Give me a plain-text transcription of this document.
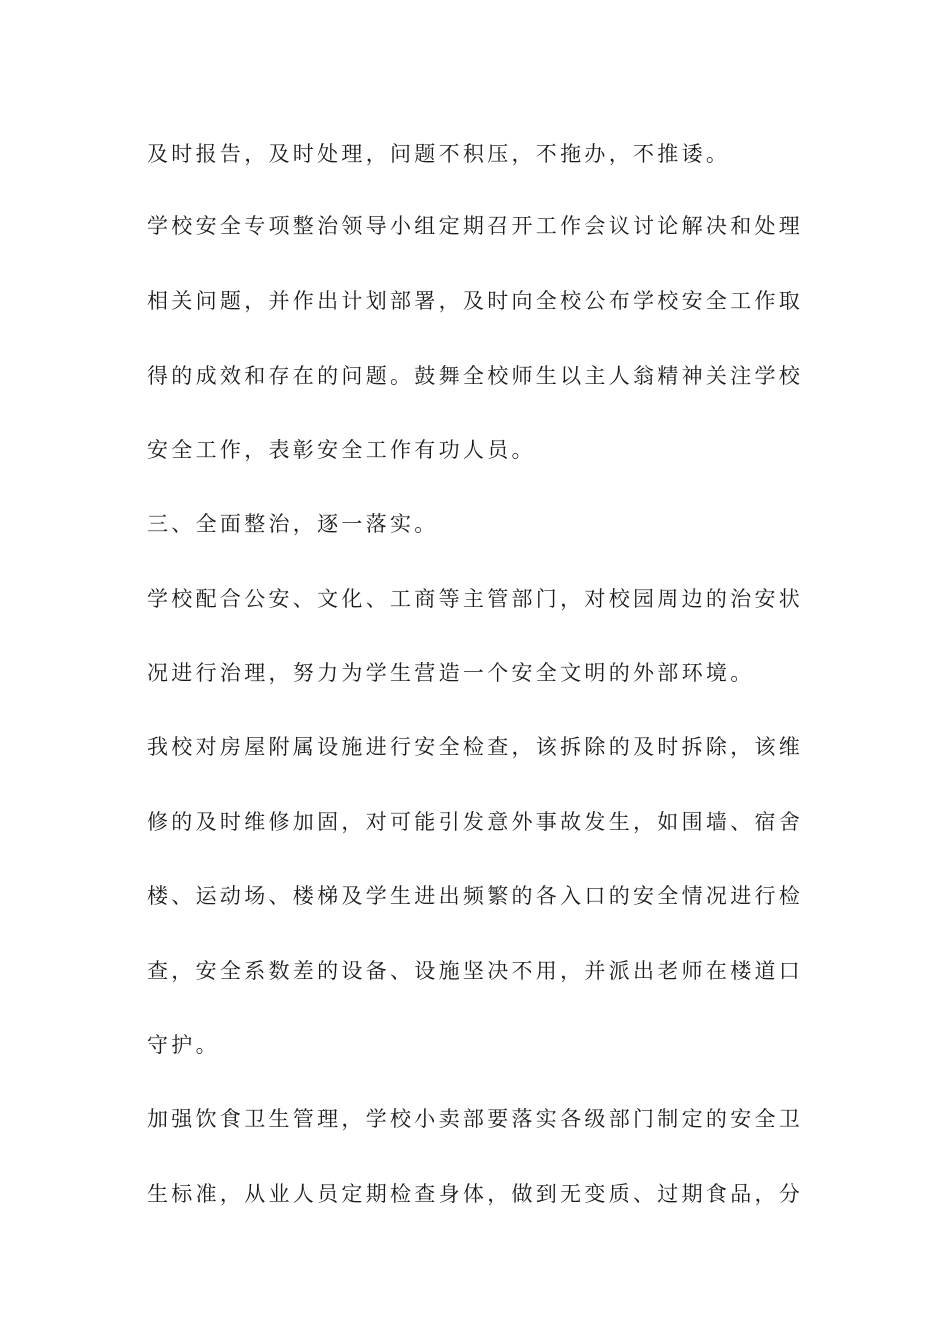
及时报告，及时处理，问题不积压，不拖办，不推诿。
学校安全专项整治领导小组定期召开工作会议讨论解决和处理
相关问题，并作出计划部署，及时向全校公布学校安全工作取
得的成效和存在的问题。鼓舞全校师生以主人翁精神关注学校
安全工作，表彰安全工作有功人员。
三、全面整治，逐一落实。
学校配合公安、文化、工商等主管部门，对校园周边的治安状
况进行治理，努力为学生营造一个安全文明的外部环境。
我校对房屋附属设施进行安全检查，该拆除的及时拆除，该维
修的及时维修加固，对可能引发意外事故发生，如围墙、宿舍
楼、运动场、楼梯及学生进出频繁的各入口的安全情况进行检
查，安全系数差的设备、设施坚决不用，并派出老师在楼道口
守护。
加强饮食卫生管理，学校小卖部要落实各级部门制定的安全卫
生标准，从业人员定期检查身体，做到无变质、过期食品，分
